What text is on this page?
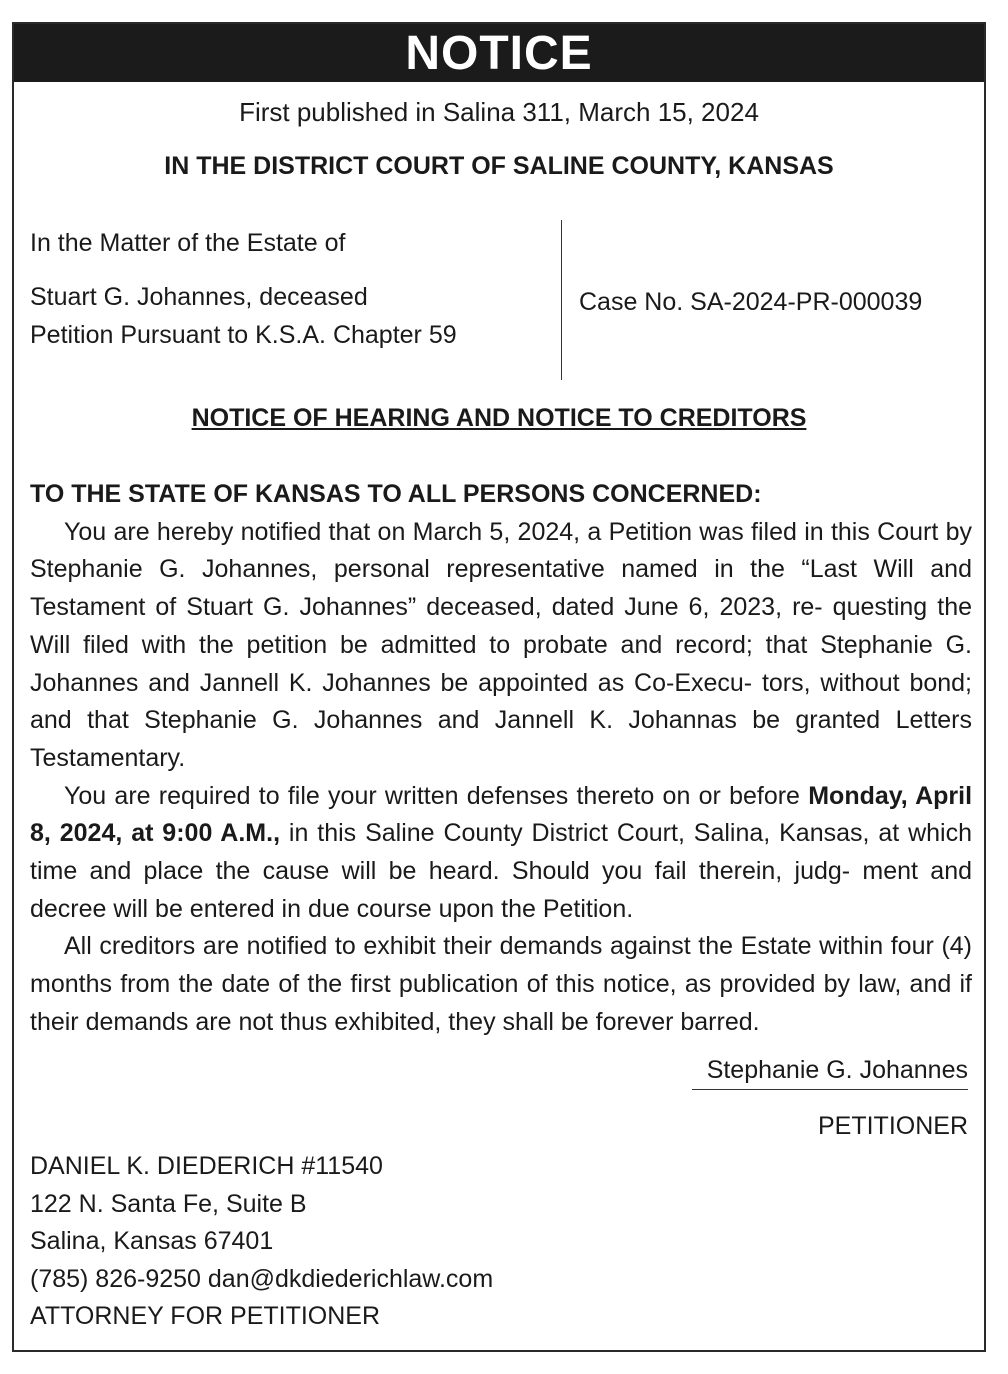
NOTICE
First published in Salina 311, March 15, 2024
IN THE DISTRICT COURT OF SALINE COUNTY, KANSAS
In the Matter of the Estate of
Stuart G. Johannes, deceased
Petition Pursuant to K.S.A. Chapter 59
Case No. SA-2024-PR-000039
NOTICE OF HEARING AND NOTICE TO CREDITORS

TO THE STATE OF KANSAS TO ALL PERSONS CONCERNED:

You are hereby notified that on March 5, 2024, a Petition was filed in this Court by Stephanie G. Johannes, personal representative named in the “Last Will and Testament of Stuart G. Johannes” deceased, dated June 6, 2023, re- questing the Will filed with the petition be admitted to probate and record; that Stephanie G. Johannes and Jannell K. Johannes be appointed as Co-Execu- tors, without bond; and that Stephanie G. Johannes and Jannell K. Johannas be granted Letters Testamentary.

You are required to file your written defenses thereto on or before Monday, April 8, 2024, at 9:00 A.M., in this Saline County District Court, Salina, Kansas, at which time and place the cause will be heard. Should you fail therein, judg- ment and decree will be entered in due course upon the Petition.

All creditors are notified to exhibit their demands against the Estate within four (4) months from the date of the first publication of this notice, as provided by law, and if their demands are not thus exhibited, they shall be forever barred.

Stephanie G. Johannes
PETITIONER
DANIEL K. DIEDERICH #11540
122 N. Santa Fe, Suite B
Salina, Kansas 67401
(785) 826-9250 dan@dkdiederichlaw.com
ATTORNEY FOR PETITIONER
